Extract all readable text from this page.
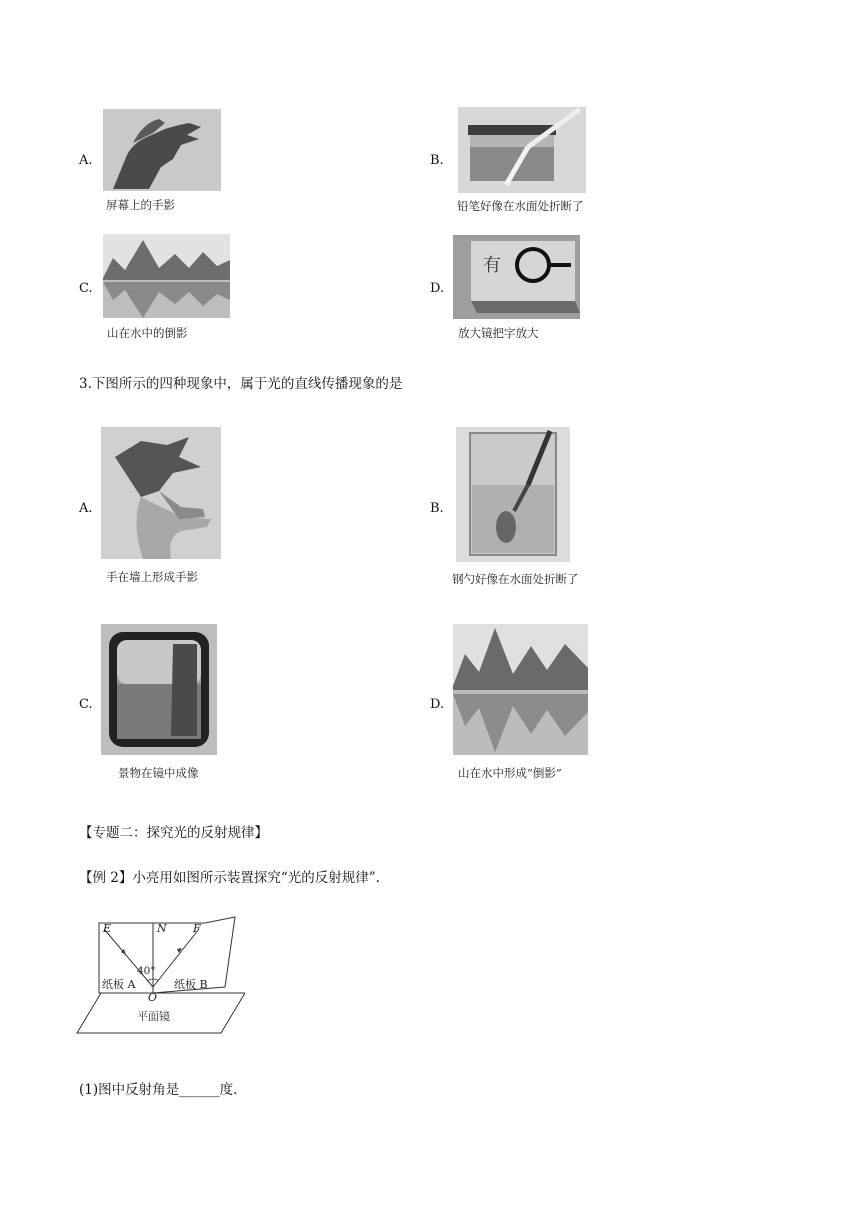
A.
屏幕上的手影
B.
铅笔好像在水面处折断了
C.
山在水中的倒影
D.
有
放大镜把字放大
3.下图所示的四种现象中，属于光的直线传播现象的是
A.
手在墙上形成手影
B.
钢勺好像在水面处折断了
C.
景物在镜中成像
D.
山在水中形成“倒影”
【专题二：探究光的反射规律】
【例 2】小亮用如图所示装置探究“光的反射规律”.
E	N F
40°
纸板 A	纸板 B
O
平面镜
(1)图中反射角是______度.
